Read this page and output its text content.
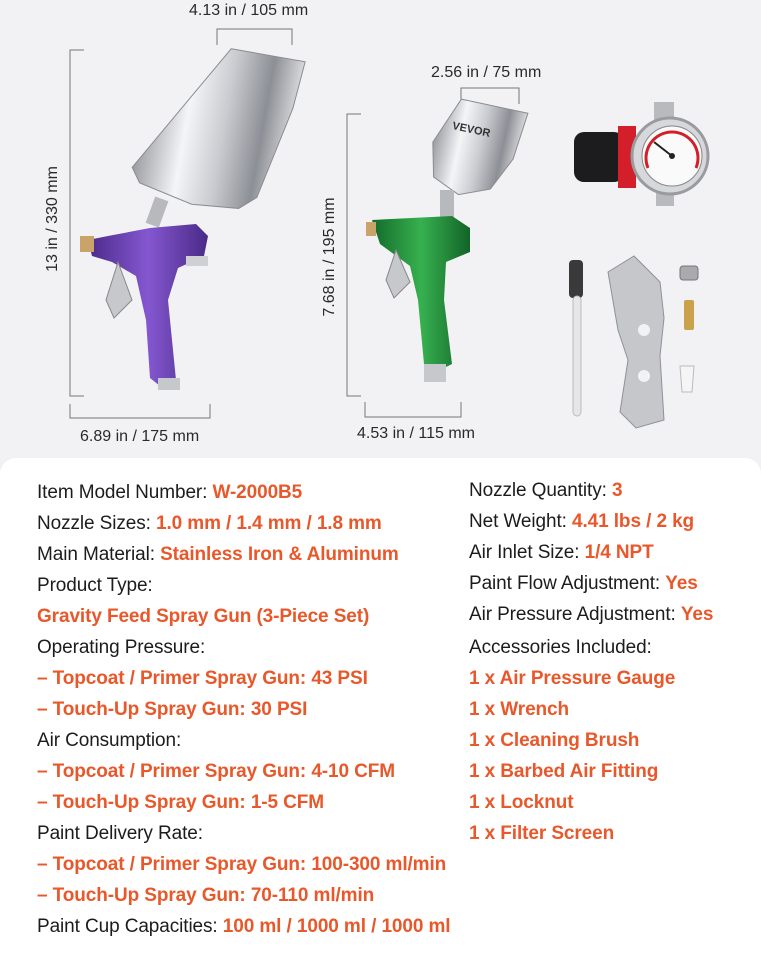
VEVOR
4.13 in / 105 mm
13 in / 330 mm
6.89 in / 175 mm
2.56 in / 75 mm
7.68 in / 195 mm
4.53 in / 115 mm
Item Model Number: W-2000B5
Nozzle Sizes: 1.0 mm / 1.4 mm / 1.8 mm
Main Material: Stainless Iron & Aluminum
Product Type:
Gravity Feed Spray Gun (3-Piece Set)
Operating Pressure:
– Topcoat / Primer Spray Gun: 43 PSI
– Touch-Up Spray Gun: 30 PSI
Air Consumption:
– Topcoat / Primer Spray Gun: 4-10 CFM
– Touch-Up Spray Gun: 1-5 CFM
Paint Delivery Rate:
– Topcoat / Primer Spray Gun: 100-300 ml/min
– Touch-Up Spray Gun: 70-110 ml/min
Paint Cup Capacities: 100 ml / 1000 ml / 1000 ml
Nozzle Quantity: 3
Net Weight: 4.41 lbs / 2 kg
Air Inlet Size: 1/4 NPT
Paint Flow Adjustment: Yes
Air Pressure Adjustment: Yes
Accessories Included:
1 x Air Pressure Gauge
1 x Wrench
1 x Cleaning Brush
1 x Barbed Air Fitting
1 x Locknut
1 x Filter Screen
